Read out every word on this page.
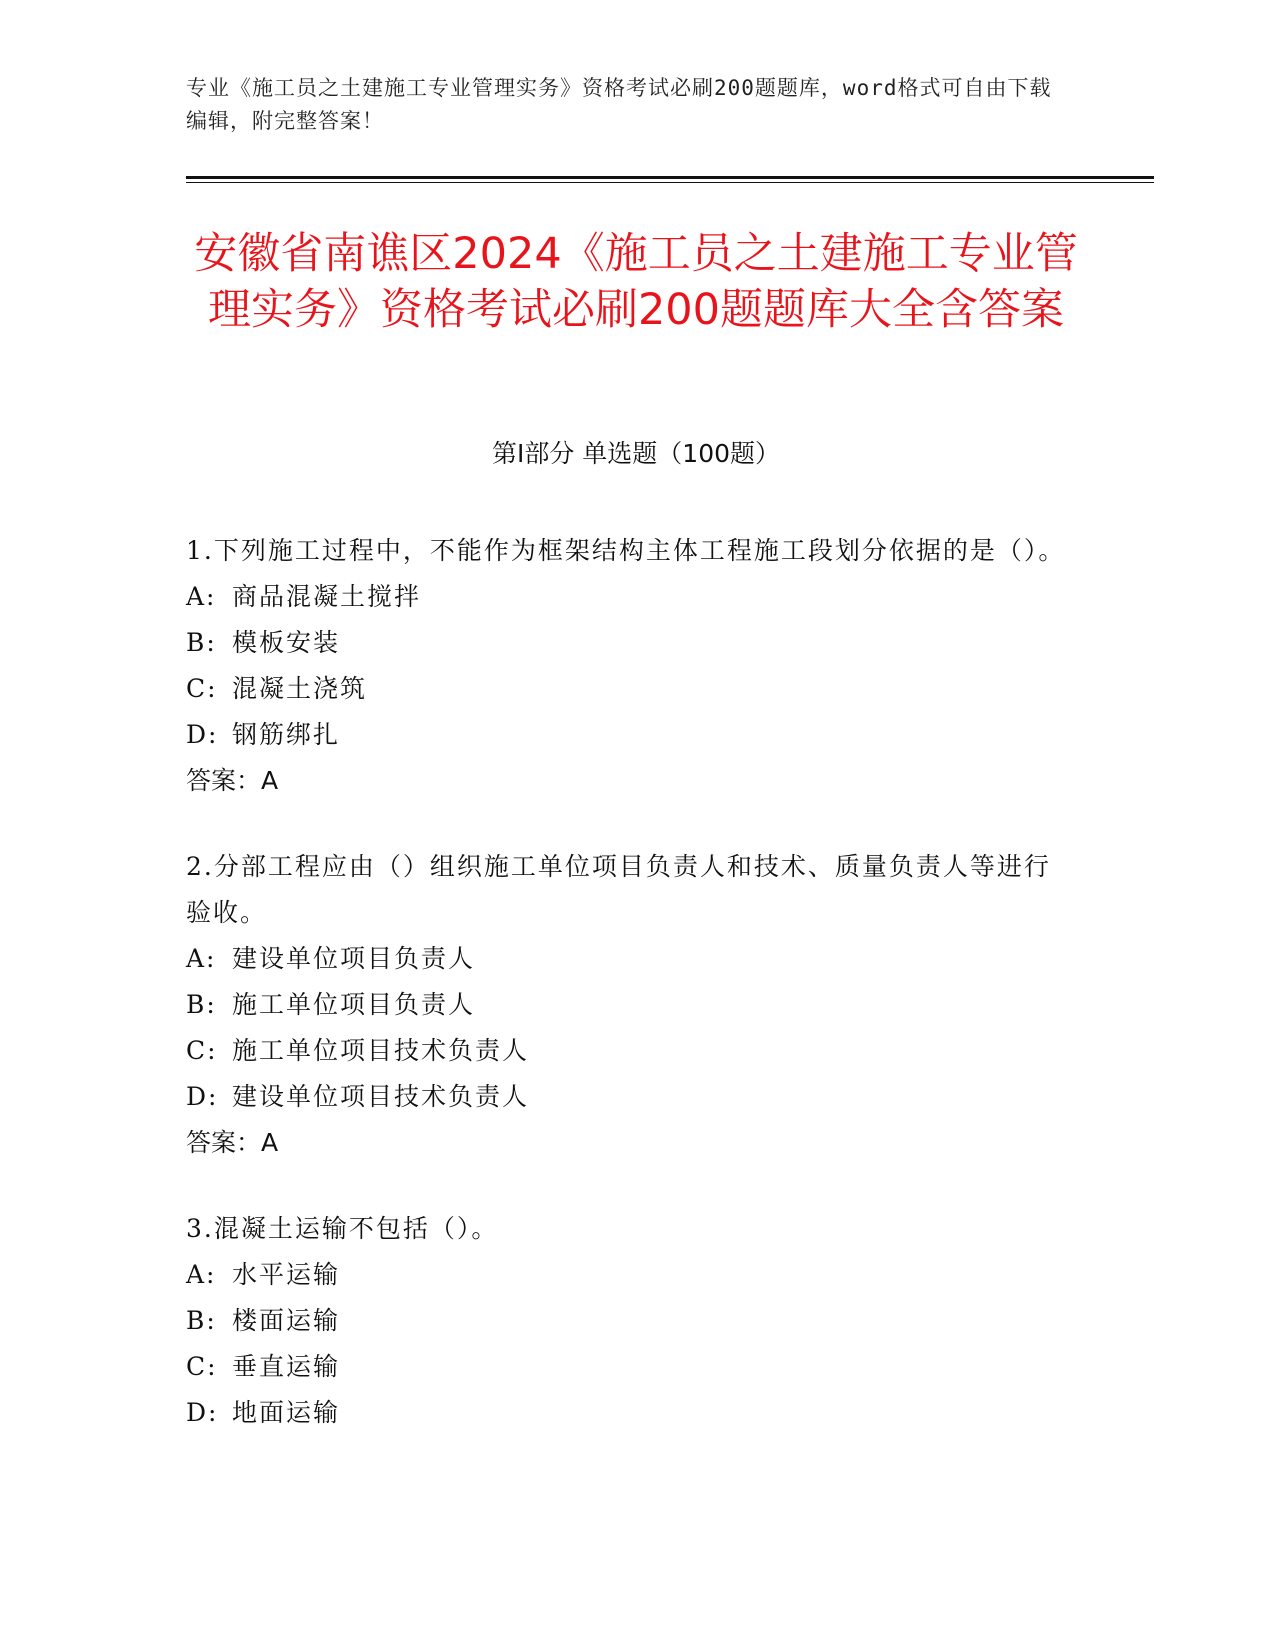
专业《施工员之土建施工专业管理实务》资格考试必刷200题题库，word格式可自由下载编辑，附完整答案！
安徽省南谯区2024《施工员之土建施工专业管理实务》资格考试必刷200题题库大全含答案
第I部分 单选题（100题）
1.下列施工过程中，不能作为框架结构主体工程施工段划分依据的是（）。
A: 商品混凝土搅拌
B: 模板安装
C: 混凝土浇筑
D: 钢筋绑扎
答案：A
2.分部工程应由（）组织施工单位项目负责人和技术、质量负责人等进行验收。
A: 建设单位项目负责人
B: 施工单位项目负责人
C: 施工单位项目技术负责人
D: 建设单位项目技术负责人
答案：A
3.混凝土运输不包括（）。
A: 水平运输
B: 楼面运输
C: 垂直运输
D: 地面运输
